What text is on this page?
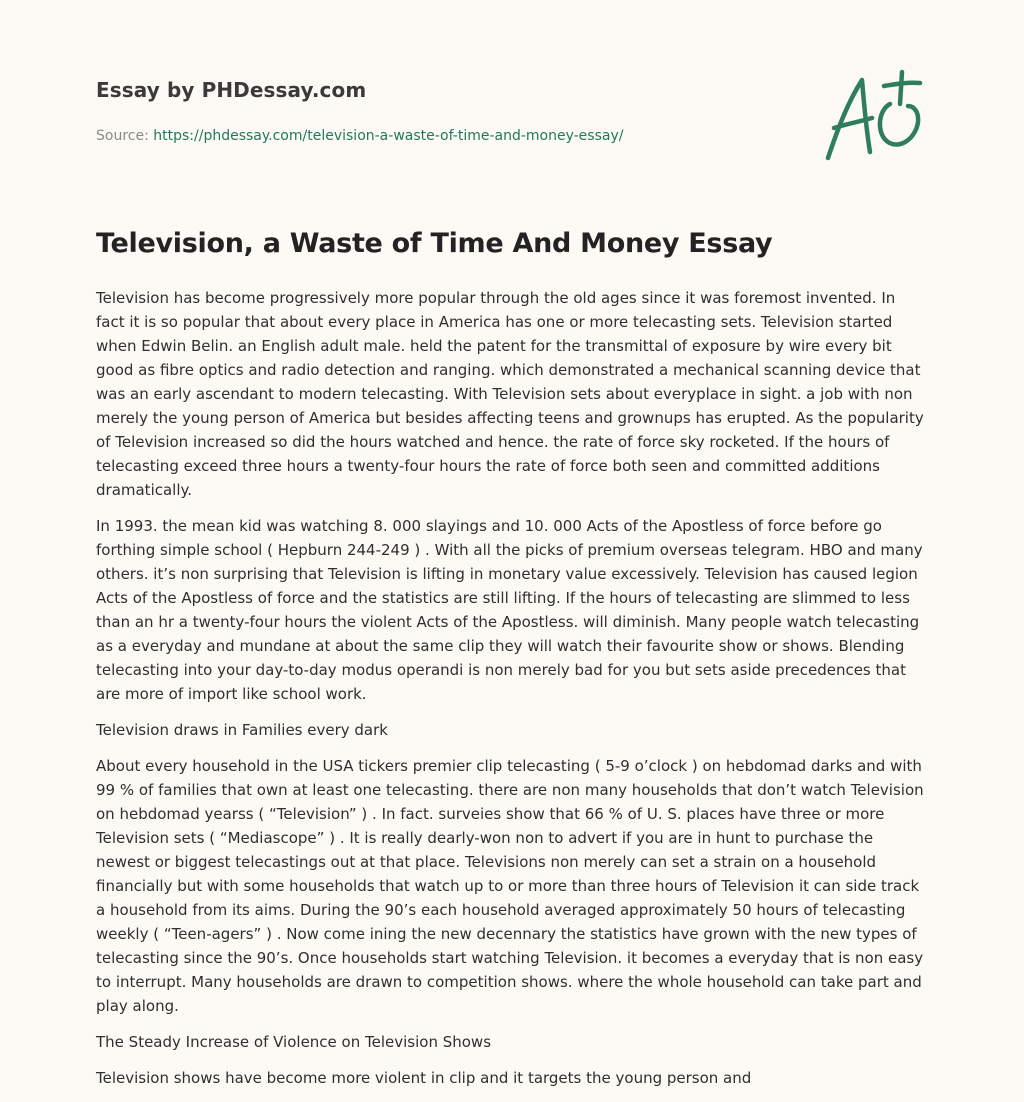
Essay by PHDessay.com
Source: https://phdessay.com/television-a-waste-of-time-and-money-essay/
Television, a Waste of Time And Money Essay

Television has become progressively more popular through the old ages since it was foremost invented. In fact it is so popular that about every place in America has one or more telecasting sets. Television started when Edwin Belin. an English adult male. held the patent for the transmittal of exposure by wire every bit good as fibre optics and radio detection and ranging. which demonstrated a mechanical scanning device that was an early ascendant to modern telecasting. With Television sets about everyplace in sight. a job with non merely the young person of America but besides affecting teens and grownups has erupted. As the popularity of Television increased so did the hours watched and hence. the rate of force sky rocketed. If the hours of telecasting exceed three hours a twenty-four hours the rate of force both seen and committed additions dramatically.

In 1993. the mean kid was watching 8. 000 slayings and 10. 000 Acts of the Apostless of force before go forthing simple school ( Hepburn 244-249 ) . With all the picks of premium overseas telegram. HBO and many others. it’s non surprising that Television is lifting in monetary value excessively. Television has caused legion Acts of the Apostless of force and the statistics are still lifting. If the hours of telecasting are slimmed to less than an hr a twenty-four hours the violent Acts of the Apostless. will diminish. Many people watch telecasting as a everyday and mundane at about the same clip they will watch their favourite show or shows. Blending telecasting into your day-to-day modus operandi is non merely bad for you but sets aside precedences that are more of import like school work.

Television draws in Families every dark

About every household in the USA tickers premier clip telecasting ( 5-9 o’clock ) on hebdomad darks and with 99 % of families that own at least one telecasting. there are non many households that don’t watch Television on hebdomad yearss ( “Television” ) . In fact. surveies show that 66 % of U. S. places have three or more Television sets ( “Mediascope” ) . It is really dearly-won non to advert if you are in hunt to purchase the newest or biggest telecastings out at that place. Televisions non merely can set a strain on a household financially but with some households that watch up to or more than three hours of Television it can side track a household from its aims. During the 90’s each household averaged approximately 50 hours of telecasting weekly ( “Teen-agers” ) . Now come ining the new decennary the statistics have grown with the new types of telecasting since the 90’s. Once households start watching Television. it becomes a everyday that is non easy to interrupt. Many households are drawn to competition shows. where the whole household can take part and play along.

The Steady Increase of Violence on Television Shows

Television shows have become more violent in clip and it targets the young person and
